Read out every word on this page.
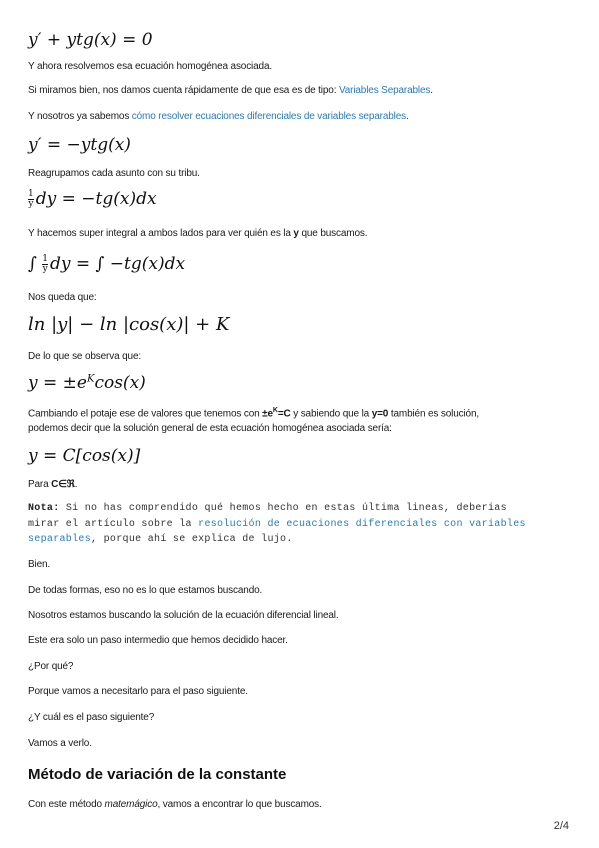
y′ + ytg(x) = 0
Y ahora resolvemos esa ecuación homogénea asociada.
Si miramos bien, nos damos cuenta rápidamente de que esa es de tipo: Variables Separables.
Y nosotros ya sabemos cómo resolver ecuaciones diferenciales de variables separables.
y′ = −ytg(x)
Reagrupamos cada asunto con su tribu.
$\frac{1}{y}$ dy = −tg(x)dx
Y hacemos super integral a ambos lados para ver quién es la y que buscamos.
∫ $\frac{1}{y}$ dy = ∫ −tg(x)dx
Nos queda que:
ln |y| − ln |cos(x)| + K
De lo que se observa que:
$y = \pm e^K\cos(x)$
Cambiando el potaje ese de valores que tenemos con $\pm e^K=C$ y sabiendo que la y=0 también es solución,
podemos decir que la solución general de esta ecuación homogénea asociada sería:
y = C[cos(x)]
Para C∈ℜ.
Nota: Si no has comprendido qué hemos hecho en estas última lineas, deberias
mirar el artículo sobre la resolución de ecuaciones diferenciales con variables
separables, porque ahí se explica de lujo.
Bien.
De todas formas, eso no es lo que estamos buscando.
Nosotros estamos buscando la solución de la ecuación diferencial lineal.
Este era solo un paso intermedio que hemos decidido hacer.
¿Por qué?
Porque vamos a necesitarlo para el paso siguiente.
¿Y cuál es el paso siguiente?
Vamos a verlo.
Método de variación de la constante
Con este método matemágico, vamos a encontrar lo que buscamos.
2/4
